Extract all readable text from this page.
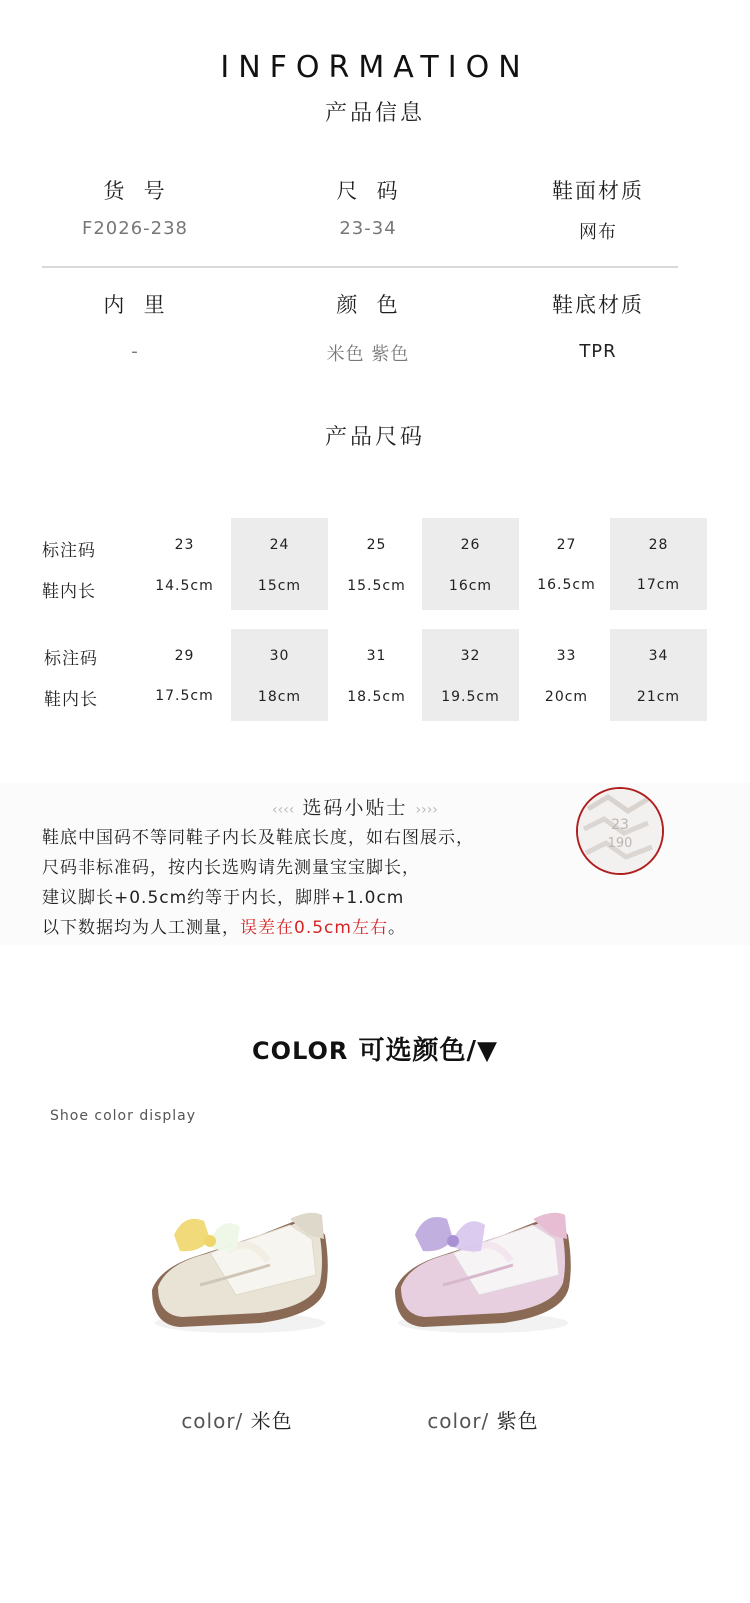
INFORMATION
产品信息
货  号
F2026-238
尺  码
23-34
鞋面材质
网布
内  里
-
颜  色
米色 紫色
鞋底材质
TPR
产品尺码
标注码
鞋内长
23
14.5cm
24
15cm
25
15.5cm
26
16cm
27
16.5cm
28
17cm
标注码
鞋内长
29
17.5cm
30
18cm
31
18.5cm
32
19.5cm
33
20cm
34
21cm
‹‹‹‹ 选码小贴士 ››››
鞋底中国码不等同鞋子内长及鞋底长度，如右图展示，
尺码非标准码，按内长选购请先测量宝宝脚长，
建议脚长+0.5cm约等于内长，脚胖+1.0cm
以下数据均为人工测量，误差在0.5cm左右。
23
190
COLOR 可选颜色/▼
Shoe color display
color/ 米色	color/ 紫色
